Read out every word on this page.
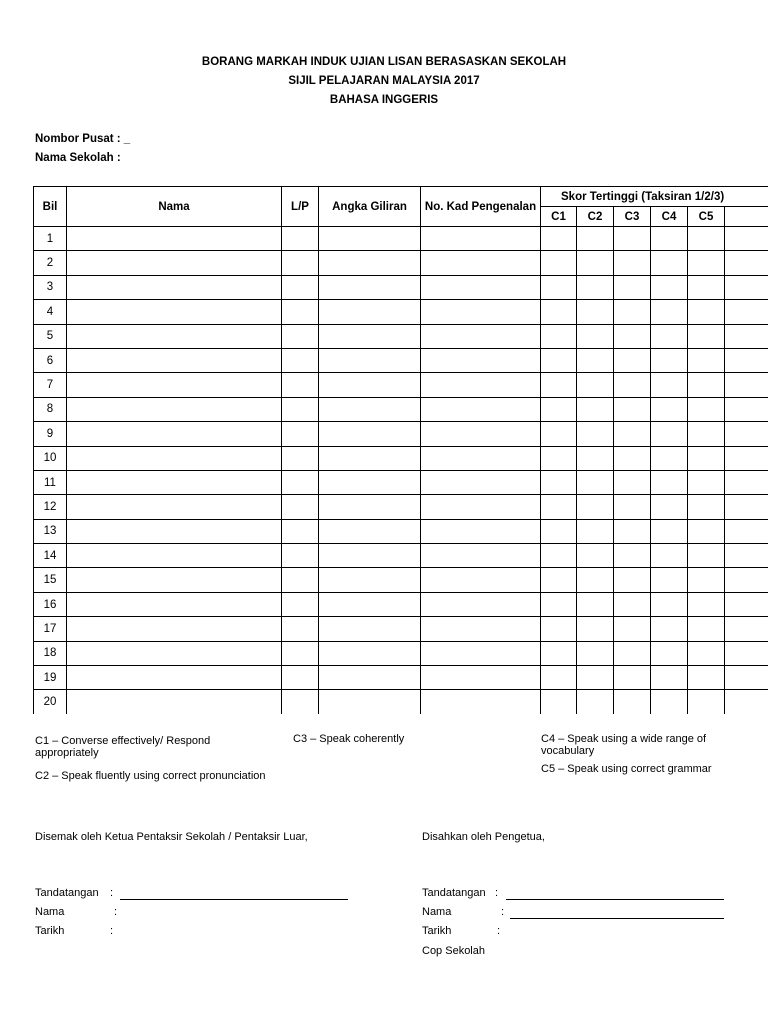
BORANG MARKAH INDUK UJIAN LISAN BERASASKAN SEKOLAH
SIJIL PELAJARAN MALAYSIA 2017
BAHASA INGGERIS
Nombor Pusat : _
Nama Sekolah :
Bil	Nama	L/P	Angka Giliran	No. Kad Pengenalan	Skor Tertinggi (Taksiran 1/2/3)					
					C1	C2	C3	C4	C5	
1										
2										
3										
4										
5										
6										
7										
8										
9										
10										
11										
12										
13										
14										
15										
16										
17										
18										
19										
20										
C1 – Converse effectively/ Respond appropriately
C2 – Speak fluently using correct pronunciation
C3 – Speak coherently	C4 – Speak using a wide range of vocabulary
C5 – Speak using correct grammar
Disemak oleh Ketua Pentaksir Sekolah / Pentaksir Luar,	Disahkan oleh Pengetua,
Tandatangan :
Nama	:
Tarikh	:
Tandatangan :
Nama	:
Tarikh	:
Cop Sekolah
